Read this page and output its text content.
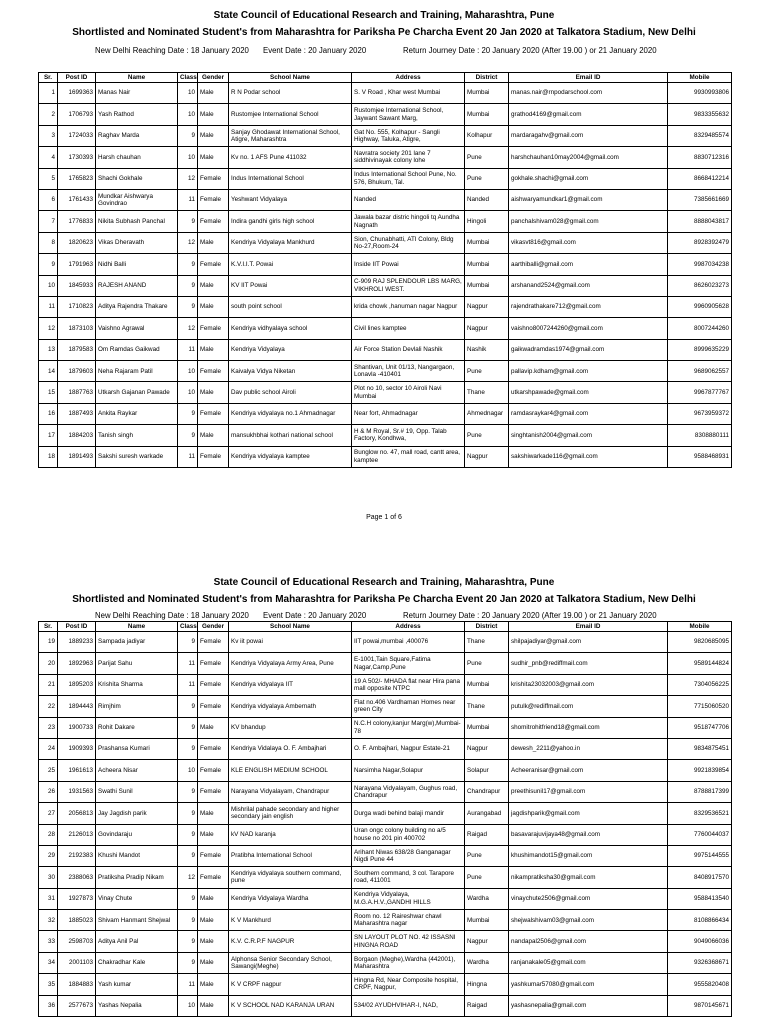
State Council of Educational Research and Training, Maharashtra, Pune
Shortlisted and Nominated Student's from Maharashtra for Pariksha Pe Charcha Event 20 Jan 2020 at Talkatora Stadium, New Delhi
New Delhi Reaching Date : 18 January 2020 Event Date : 20 January 2020	Return Journey Date : 20 January 2020 (After 19.00 ) or 21 January 2020
Sr.	Post ID	Name	Class	Gender	School Name	Address	District	Email ID	Mobile
1	1699363	Manas Nair	10	Male	R N Podar school	S. V Road , Khar west Mumbai	Mumbai	manas.nair@rnpodarschool.com	9930993806
2	1706793	Yash Rathod	10	Male	Rustomjee International School	Rustomjee International School, Jaywant Sawant Marg,	Mumbai	grathod4169@gmail.com	9833355632
3	1724033	Raghav Marda	9	Male	Sanjay Ghodawat International School, Atigre, Maharashtra	Gat No. 555, Kolhapur - Sangli Highway, Taluka, Atigre,	Kolhapur	mardaragahv@gmail.com	8329485574
4	1730393	Harsh chauhan	10	Male	Kv no. 1 AFS Pune 411032	Navratra society 201 lane 7 siddhivinayak colony lohe	Pune	harshchauhan10may2004@gmail.com	8830712316
5	1765823	Shachi Gokhale	12	Female	Indus International School	Indus International School Pune, No. 576, Bhukum, Tal.	Pune	gokhale.shachi@gmail.com	8668412214
6	1761433	Mundkar Aishwarya Govindrao	11	Female	Yeshwant Vidyalaya	Nanded	Nanded	aishwaryamundkar1@gmail.com	7385661669
7	1776833	Nikita Subhash Panchal	9	Female	Indira gandhi girls high school	Jawala bazar distric hingoli tq Aundha Nagnath	Hingoli	panchalshivam028@gmail.com	8888043817
8	1820623	Vikas Dheravath	12	Male	Kendriya Vidyalaya Mankhurd	Sion, Chunabhatti, ATI Colony, Bldg No-27,Room-24	Mumbai	vikasvt816@gmail.com	8928392479
9	1791963	Nidhi Balli	9	Female	K.V.I.I.T. Powai	Inside IIT Powai	Mumbai	aarthiballi@gmail.com	9987034238
10	1845933	RAJESH ANAND	9	Male	KV IIT Powai	C-909 RAJ SPLENDOUR LBS MARG, VIKHROLI WEST.	Mumbai	arshanand2524@gmail.com	8626023273
11	1710823	Aditya Rajendra Thakare	9	Male	south point school	krida chowk ,hanuman nagar Nagpur	Nagpur	rajendrathakare712@gmail.com	9960905628
12	1873103	Vaishno Agrawal	12	Female	Kendriya vidhyalaya school	Civil lines kamptee	Nagpur	vaishno8007244260@gmail.com	8007244260
13	1879583	Om Ramdas Gaikwad	11	Male	Kendriya Vidyalaya	Air Force Station Devlali Nashik	Nashik	gaikwadramdas1974@gmail.com	8999635229
14	1879603	Neha Rajaram Patil	10	Female	Kaivalya Vidya Niketan	Shantivan, Unit 01/13, Nangargaon, Lonavla -410401	Pune	pallavip.kdham@gmail.com	9689062557
15	1887763	Utkarsh Gajanan Pawade	10	Male	Dav public school Airoli	Plot no 10, sector 10 Airoli Navi Mumbai	Thane	utkarshpawade@gmail.com	9967877767
16	1887493	Ankita Raykar	9	Female	Kendriya vidyalaya no.1 Ahmadnagar	Near fort, Ahmadnagar	Ahmednagar	ramdasraykar4@gmail.com	9673959372
17	1884203	Tanish singh	9	Male	mansukhbhai kothari national school	H & M Royal, Sr.# 19, Opp. Talab Factory, Kondhwa,	Pune	singhtanish2004@gmail.com	8308880111
18	1891493	Sakshi suresh warkade	11	Female	Kendriya vidyalaya kamptee	Bunglow no. 47, mall road, cantt area, kamptee	Nagpur	sakshiwarkade116@gmail.com	9588468931
Page 1 of 6
State Council of Educational Research and Training, Maharashtra, Pune
Shortlisted and Nominated Student's from Maharashtra for Pariksha Pe Charcha Event 20 Jan 2020 at Talkatora Stadium, New Delhi
New Delhi Reaching Date : 18 January 2020 Event Date : 20 January 2020	Return Journey Date : 20 January 2020 (After 19.00 ) or 21 January 2020
Sr.	Post ID	Name	Class	Gender	School Name	Address	District	Email ID	Mobile
19	1889233	Sampada jadiyar	9	Female	Kv iit powai	IIT powai,mumbai ,400076	Thane	shilpajadiyar@gmail.com	9820685095
20	1892963	Parijat Sahu	11	Female	Kendriya Vidyalaya Army Area, Pune	E-1001,Tain Square,Fatima Nagar,Camp,Pune	Pune	sudhir_pnb@rediffmail.com	9589144824
21	1895203	Krishita Sharma	11	Female	Kendriya vidyalaya IIT	19 A 502/- MHADA flat near Hira pana mall opposite NTPC	Mumbai	krishita23032003@gmail.com	7304056225
22	1894443	Rimjhim	9	Female	Kendriya vidyalaya Ambernath	Flat no.406 Vardhaman Homes near green City	Thane	putulk@rediffmail.com	7715060520
23	1900733	Rohit Dakare	9	Male	KV bhandup	N.C.H colony,kanjur Marg(w),Mumbai-78	Mumbai	shomitrohitfriend18@gmail.com	9518747706
24	1909393	Prashansa Kumari	9	Female	Kendriya Vidalaya O. F. Ambajhari	O. F. Ambajhari, Nagpur Estate-21	Nagpur	dewesh_2211@yahoo.in	9834875451
25	1961613	Acheera Nisar	10	Female	KLE ENGLISH MEDIUM SCHOOL	Narsimha Nagar,Solapur	Solapur	Acheeranisar@gmail.com	9921839854
26	1931563	Swathi Sunil	9	Female	Narayana Vidyalayam, Chandrapur	Narayana Vidyalayam, Gughus road, Chandrapur	Chandrapur	preethisunil17@gmail.com	8788817399
27	2056813	Jay Jagdish parik	9	Male	Mishrilal pahade secondary and higher secondary jain english	Durga wadi behind balaji mandir	Aurangabad	jagdishparik@gmail.com	8329536521
28	2126013	Govindaraju	9	Male	kV NAD karanja	Uran ongc colony building no a/5 house no 201 pin 400702	Raigad	basavarajuvijaya48@gmail.com	7760044037
29	2192383	Khushi Mandot	9	Female	Pratibha International School	Arihant Niwas 638/28 Ganganagar Nigdi Pune 44	Pune	khushimandot15@gmail.com	9975144555
30	2388063	Pratiksha Pradip Nikam	12	Female	Kendriya vidyalaya southern command, pune	Southern command, 3 col. Tarapore road, 411001	Pune	nikampratiksha30@gmail.com	8408917570
31	1927873	Vinay Chute	9	Male	Kendriya Vidyalaya Wardha	Kendriya Vidyalaya, M.G.A.H.V.,GANDHI HILLS	Wardha	vinaychute2506@gmail.com	9588413540
32	1885023	Shivam Hanmant Shejwal	9	Male	K V Mankhurd	Room no. 12 Raireshwar chawl Maharashtra nagar	Mumbai	shejwalshivam03@gmail.com	8108866434
33	2598703	Aditya Anil Pal	9	Male	K.V. C.R.P.F NAGPUR	SN LAYOUT PLOT NO. 42 ISSASNI HINGNA ROAD	Nagpur	nandapal2506@gmail.com	9049066036
34	2001103	Chakradhar Kale	9	Male	Alphonsa Senior Secondary School, Sawangi(Meghe)	Borgaon (Meghe),Wardha (442001), Maharashtra	Wardha	ranjanakale05@gmail.com	9326368671
35	1884883	Yash kumar	11	Male	K V CRPF nagpur	Hingna Rd, Near Composite hospital, CRPF, Nagpur,	Hingna	yashkumar57080@gmail.com	9555820408
36	2577673	Yashas Nepalia	10	Male	K V SCHOOL NAD KARANJA URAN	534/02 AYUDHVIHAR-I, NAD,	Raigad	yashasnepalia@gmail.com	9870145671
